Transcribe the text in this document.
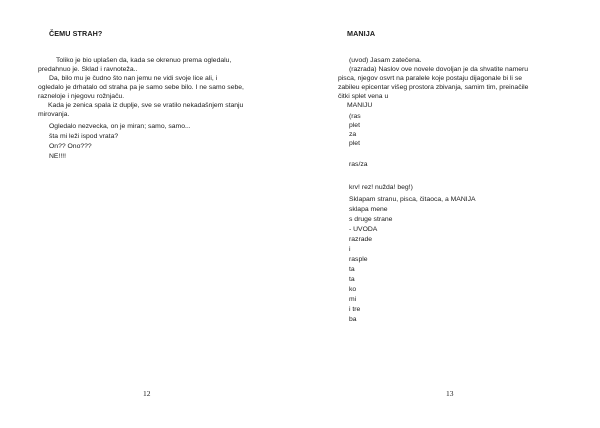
ČEMU STRAH?
Toliko je bio uplašen da, kada se okrenuo prema ogledalu,
predahnuo je. Sklad i ravnoteža..
Da, bilo mu je čudno što nan jemu ne vidi svoje lice ali, i
ogledalo je drhatalo od straha pa je samo sebe bilo. I ne samo sebe,
razneloje i njegovu rožnjaču.
Kada je zenica spala iz duplje, sve se vratilo nekadašnjem stanju
mirovanja.
Ogledalo nezvecka, on je miran; samo, samo...
šta mi leži ispod vrata?
On?? Ono???
NE!!!!
12
MANIJA
(uvod) Jasam zatečena.
(razrada) Naslov ove novele dovoljan je da shvatite nameru
pisca, njegov osvrt na paralele koje postaju dijagonale bi li se
zabileu epicentar višeg prostora zbivanja, samim tim, preinačile
čitki splet vena u
MANIJU
(ras
plet
za
plet
ras/za
krv! rez! nužda! beg!)
Sklapam stranu, pisca, čitaoca, a MANIJA
sklapa mene
s druge strane
- UVODA
razrade
i
rasple
ta
ta
ko
mi
i tre
ba
13
